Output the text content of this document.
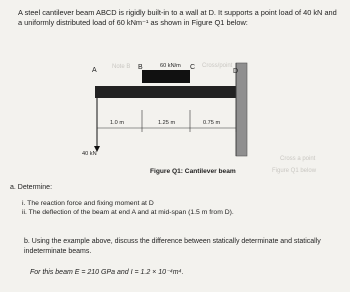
A steel cantilever beam ABCD is rigidly built-in to a wall at D. It supports a point load of 40 kN and a uniformly distributed load of 60 kNm⁻¹ as shown in Figure Q1 below:
A	B	C
D
60 kN/m
40 kN
1.0 m	1.25 m	0.75 m
Note B	Cross/point
Cross a point
Figure Q1 below
Figure Q1: Cantilever beam
a. Determine:
i. The reaction force and fixing moment at D
ii. The deflection of the beam at end A and at mid-span (1.5 m from D).
b. Using the example above, discuss the difference between statically determinate and statically indeterminate beams.
For this beam E = 210 GPa and I = 1.2 × 10⁻⁴m⁴.
